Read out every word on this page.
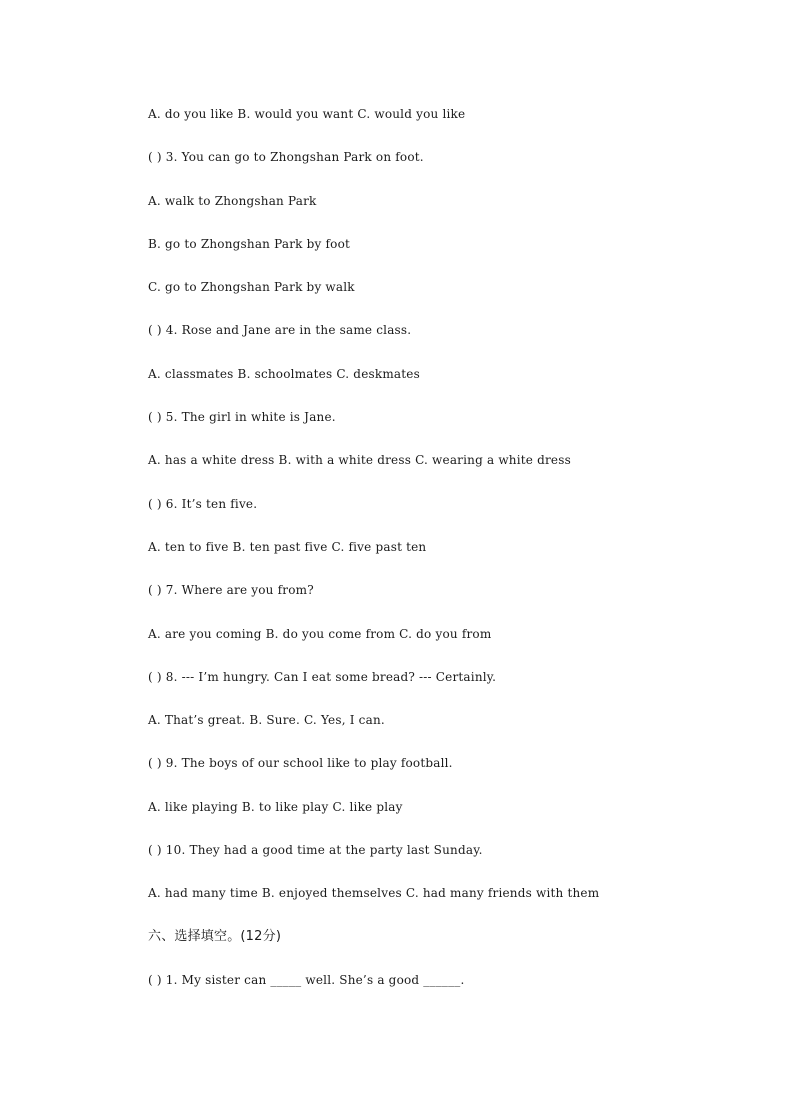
A. do you like B. would you want C. would you like
( ) 3. You can go to Zhongshan Park on foot.
A. walk to Zhongshan Park
B. go to Zhongshan Park by foot
C. go to Zhongshan Park by walk
( ) 4. Rose and Jane are in the same class.
A. classmates B. schoolmates C. deskmates
( ) 5. The girl in white is Jane.
A. has a white dress B. with a white dress C. wearing a white dress
( ) 6. It’s ten five.
A. ten to five B. ten past five C. five past ten
( ) 7. Where are you from?
A. are you coming B. do you come from C. do you from
( ) 8. --- I’m hungry. Can I eat some bread? --- Certainly.
A. That’s great. B. Sure. C. Yes, I can.
( ) 9. The boys of our school like to play football.
A. like playing B. to like play C. like play
( ) 10. They had a good time at the party last Sunday.
A. had many time B. enjoyed themselves C. had many friends with them
六、选择填空。(12分)
( ) 1. My sister can _____ well. She’s a good ______.
